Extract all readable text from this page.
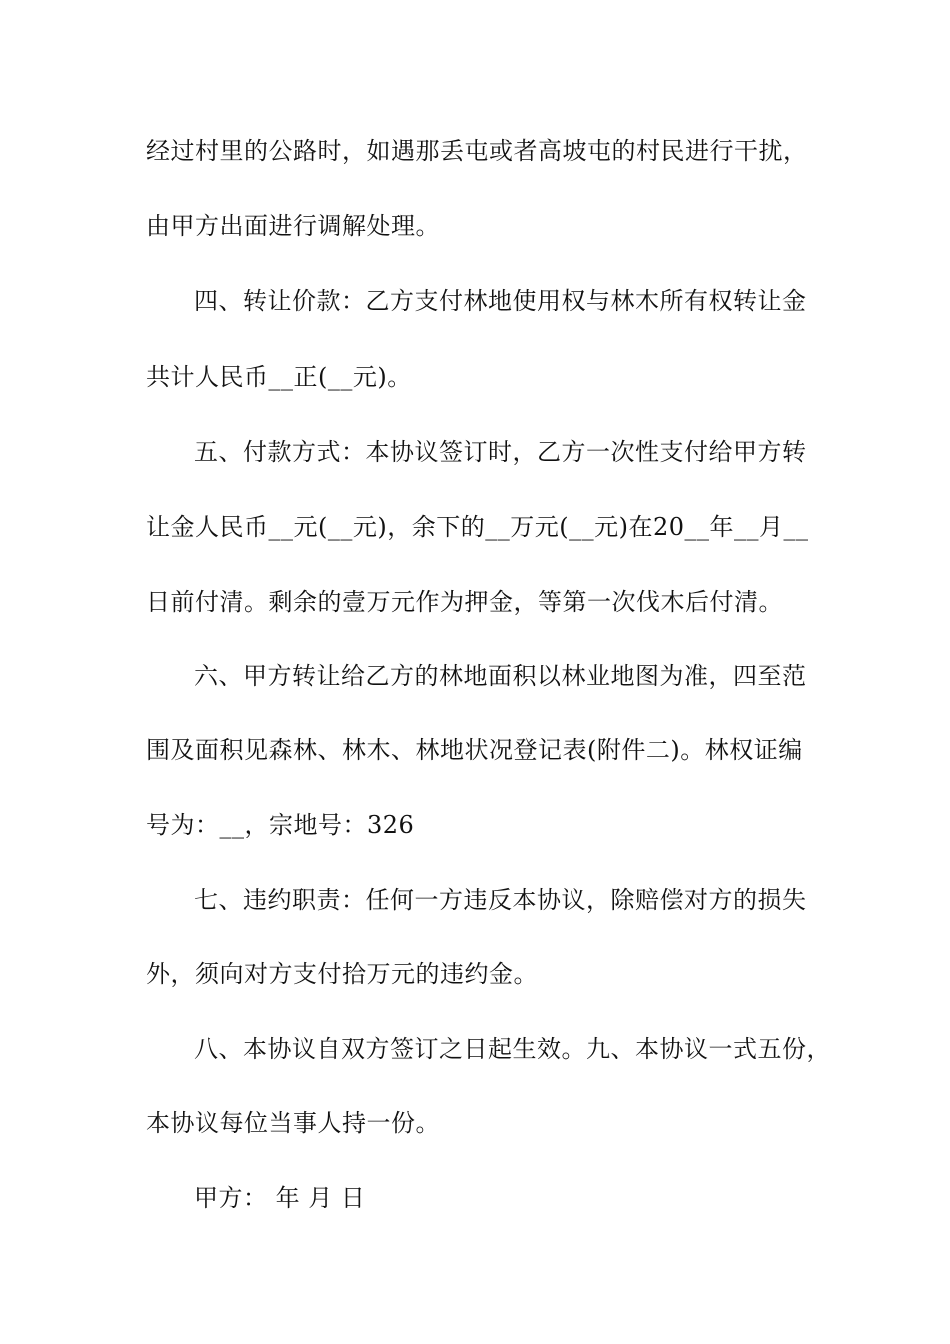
经过村里的公路时，如遇那丢屯或者高坡屯的村民进行干扰，
由甲方出面进行调解处理。
四、转让价款：乙方支付林地使用权与林木所有权转让金
共计人民币__正(__元)。
五、付款方式：本协议签订时，乙方一次性支付给甲方转
让金人民币__元(__元)，余下的__万元(__元)在20__年__月__
日前付清。剩余的壹万元作为押金，等第一次伐木后付清。
六、甲方转让给乙方的林地面积以林业地图为准，四至范
围及面积见森林、林木、林地状况登记表(附件二)。林权证编
号为：__，宗地号：326
七、违约职责：任何一方违反本协议，除赔偿对方的损失
外，须向对方支付拾万元的违约金。
八、本协议自双方签订之日起生效。九、本协议一式五份，
本协议每位当事人持一份。
甲方： 年 月 日
